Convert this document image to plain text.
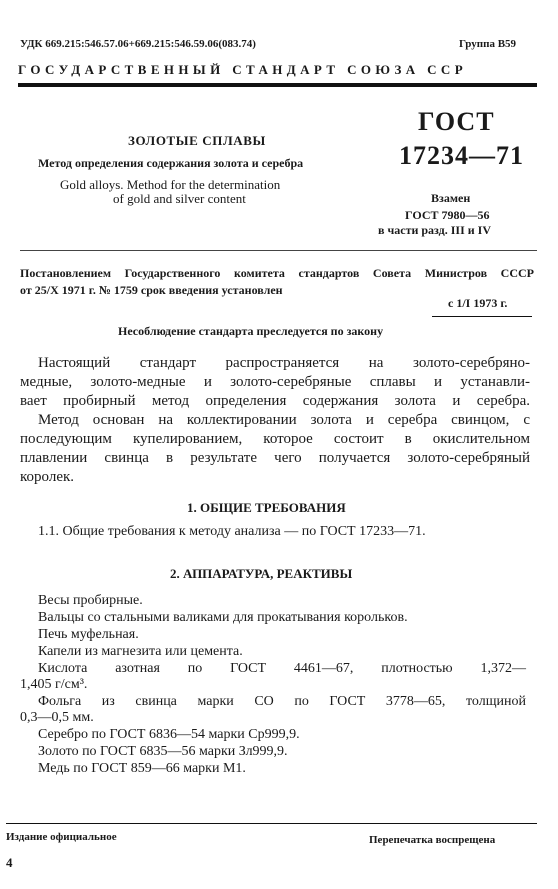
УДК 669.215:546.57.06+669.215:546.59.06(083.74)	Группа В59
ГОСУДАРСТВЕННЫЙ СТАНДАРТ СОЮЗА ССР
ЗОЛОТЫЕ СПЛАВЫ
Метод определения содержания золота и серебра
Gold alloys. Method for the determination
of gold and silver content
ГОСТ
17234—71
Взамен
ГОСТ 7980—56
в части разд. III и IV
Постановлением Государственного комитета стандартов Совета Министров СССР
от 25/Х 1971 г. № 1759 срок введения установлен
с 1/I 1973 г.
Несоблюдение стандарта преследуется по закону
Настоящий стандарт распространяется на золото-серебряно-
медные, золото-медные и золото-серебряные сплавы и устанавли-
вает пробирный метод определения содержания золота и серебра.
Метод основан на коллектировании золота и серебра свинцом, с
последующим купелированием, которое состоит в окислительном
плавлении свинца в результате чего получается золото-серебряный
королек.
1. ОБЩИЕ ТРЕБОВАНИЯ
1.1. Общие требования к методу анализа — по ГОСТ 17233—71.
2. АППАРАТУРА, РЕАКТИВЫ
Весы пробирные.
Вальцы со стальными валиками для прокатывания корольков.
Печь муфельная.
Капели из магнезита или цемента.
Кислота азотная по ГОСТ 4461—67, плотностью 1,372—
1,405 г/см³.
Фольга из свинца марки СО по ГОСТ 3778—65, толщиной
0,3—0,5 мм.
Серебро по ГОСТ 6836—54 марки Ср999,9.
Золото по ГОСТ 6835—56 марки Зл999,9.
Медь по ГОСТ 859—66 марки М1.
Издание официальное	Перепечатка воспрещена
4
